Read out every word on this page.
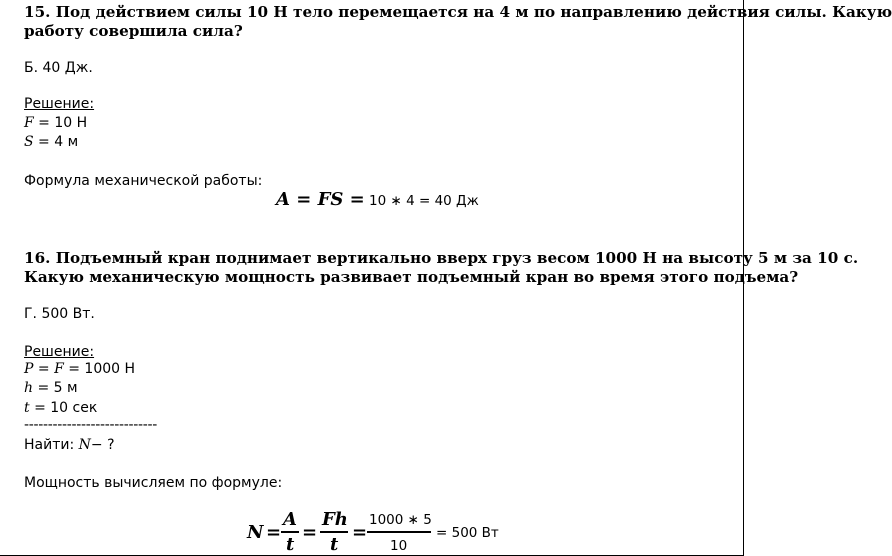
15. Под действием силы 10 Н тело перемещается на 4 м по направлению действия силы. Какую
работу совершила сила?
Б. 40 Дж.
Решение:
F = 10 Н
S = 4 м
Формула механической работы:
A = FS = 10 ∗ 4 = 40 Дж
16. Подъемный кран поднимает вертикально вверх груз весом 1000 Н на высоту 5 м за 10 с.
Какую механическую мощность развивает подъемный кран во время этого подъема?
Г. 500 Вт.
Решение:
P = F = 1000 Н
h = 5 м
t = 10 сек
----------------------------
Найти: N− ?
Мощность вычисляем по формуле:
N =
A
t
=
Fh
t
=
1000 ∗ 5
10
= 500 Вт
